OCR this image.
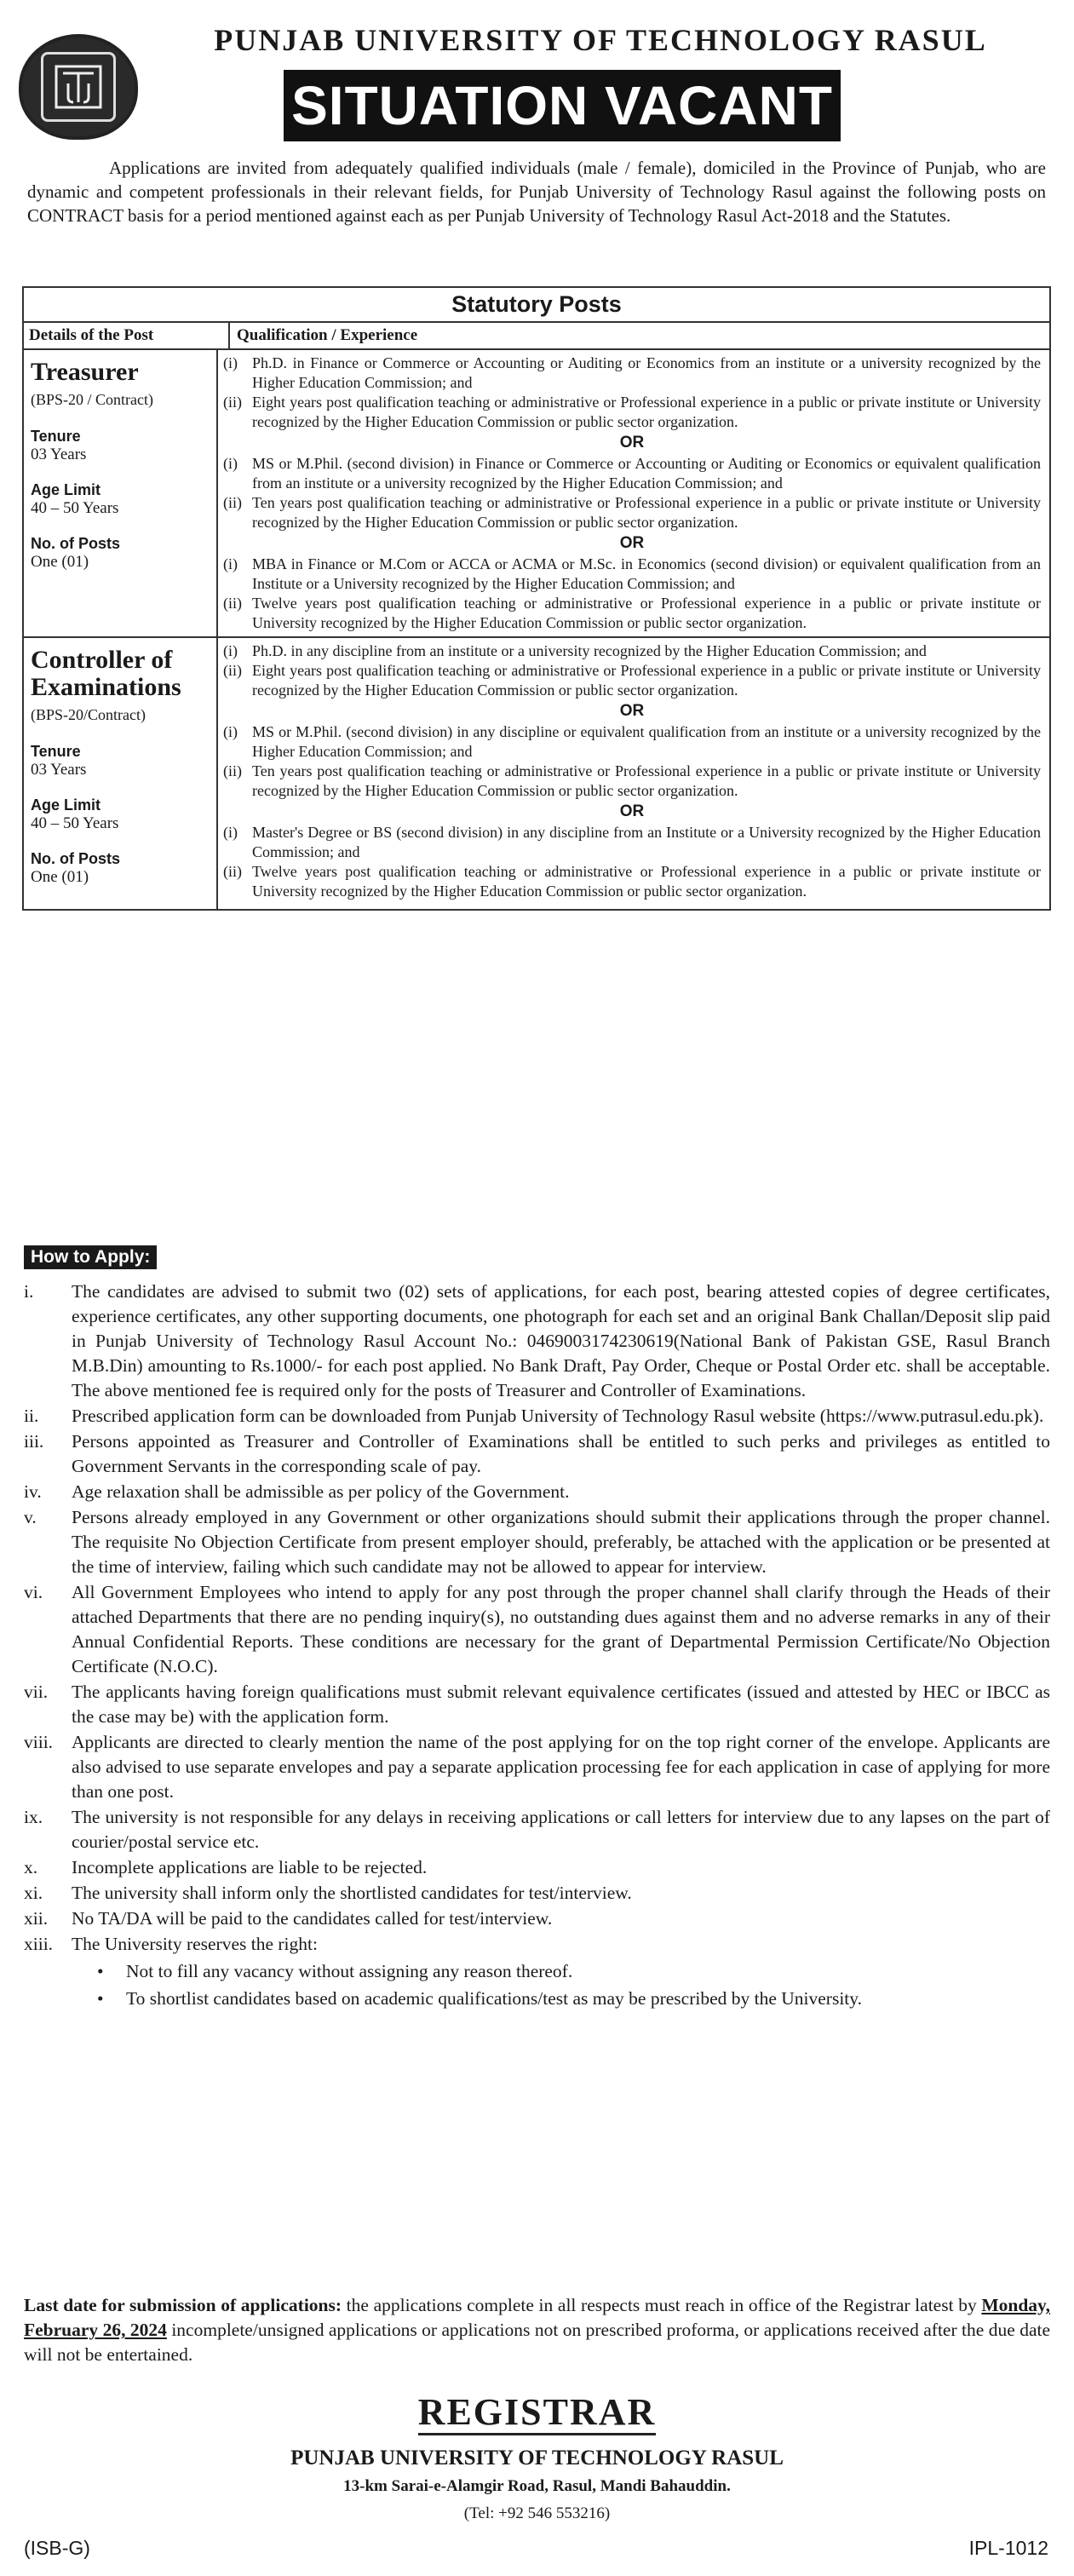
PUNJAB UNIVERSITY OF TECHNOLOGY RASUL
SITUATION VACANT

Applications are invited from adequately qualified individuals (male / female), domiciled in the Province of Punjab, who are dynamic and competent professionals in their relevant fields, for Punjab University of Technology Rasul against the following posts on CONTRACT basis for a period mentioned against each as per Punjab University of Technology Rasul Act-2018 and the Statutes.

Statutory Posts
Details of the Post	Qualification / Experience
Treasurer
(BPS-20 / Contract)
Tenure
03 Years
Age Limit
40 – 50 Years
No. of Posts
One (01)
(i) Ph.D. in Finance or Commerce or Accounting or Auditing or Economics from an institute or a university recognized by the Higher Education Commission; and
(ii) Eight years post qualification teaching or administrative or Professional experience in a public or private institute or University recognized by the Higher Education Commission or public sector organization.
OR
(i) MS or M.Phil. (second division) in Finance or Commerce or Accounting or Auditing or Economics or equivalent qualification from an institute or a university recognized by the Higher Education Commission; and
(ii) Ten years post qualification teaching or administrative or Professional experience in a public or private institute or University recognized by the Higher Education Commission or public sector organization.
OR
(i) MBA in Finance or M.Com or ACCA or ACMA or M.Sc. in Economics (second division) or equivalent qualification from an Institute or a University recognized by the Higher Education Commission; and
(ii) Twelve years post qualification teaching or administrative or Professional experience in a public or private institute or University recognized by the Higher Education Commission or public sector organization.
Controller of Examinations
(BPS-20/Contract)
Tenure
03 Years
Age Limit
40 – 50 Years
No. of Posts
One (01)
(i) Ph.D. in any discipline from an institute or a university recognized by the Higher Education Commission; and
(ii) Eight years post qualification teaching or administrative or Professional experience in a public or private institute or University recognized by the Higher Education Commission or public sector organization.
OR
(i) MS or M.Phil. (second division) in any discipline or equivalent qualification from an institute or a university recognized by the Higher Education Commission; and
(ii) Ten years post qualification teaching or administrative or Professional experience in a public or private institute or University recognized by the Higher Education Commission or public sector organization.
OR
(i) Master's Degree or BS (second division) in any discipline from an Institute or a University recognized by the Higher Education Commission; and
(ii) Twelve years post qualification teaching or administrative or Professional experience in a public or private institute or University recognized by the Higher Education Commission or public sector organization.
How to Apply:
i.	The candidates are advised to submit two (02) sets of applications, for each post, bearing attested copies of degree certificates, experience certificates, any other supporting documents, one photograph for each set and an original Bank Challan/Deposit slip paid in Punjab University of Technology Rasul Account No.: 0469003174230619(National Bank of Pakistan GSE, Rasul Branch M.B.Din) amounting to Rs.1000/- for each post applied. No Bank Draft, Pay Order, Cheque or Postal Order etc. shall be acceptable. The above mentioned fee is required only for the posts of Treasurer and Controller of Examinations.
ii.	Prescribed application form can be downloaded from Punjab University of Technology Rasul website (https://www.putrasul.edu.pk).
iii.	Persons appointed as Treasurer and Controller of Examinations shall be entitled to such perks and privileges as entitled to Government Servants in the corresponding scale of pay.
iv.	Age relaxation shall be admissible as per policy of the Government.
v.	Persons already employed in any Government or other organizations should submit their applications through the proper channel. The requisite No Objection Certificate from present employer should, preferably, be attached with the application or be presented at the time of interview, failing which such candidate may not be allowed to appear for interview.
vi.	All Government Employees who intend to apply for any post through the proper channel shall clarify through the Heads of their attached Departments that there are no pending inquiry(s), no outstanding dues against them and no adverse remarks in any of their Annual Confidential Reports. These conditions are necessary for the grant of Departmental Permission Certificate/No Objection Certificate (N.O.C).
vii.	The applicants having foreign qualifications must submit relevant equivalence certificates (issued and attested by HEC or IBCC as the case may be) with the application form.
viii.	Applicants are directed to clearly mention the name of the post applying for on the top right corner of the envelope. Applicants are also advised to use separate envelopes and pay a separate application processing fee for each application in case of applying for more than one post.
ix.	The university is not responsible for any delays in receiving applications or call letters for interview due to any lapses on the part of courier/postal service etc.
x.	Incomplete applications are liable to be rejected.
xi.	The university shall inform only the shortlisted candidates for test/interview.
xii.	No TA/DA will be paid to the candidates called for test/interview.
xiii.	The University reserves the right:
•	Not to fill any vacancy without assigning any reason thereof.
•	To shortlist candidates based on academic qualifications/test as may be prescribed by the University.

Last date for submission of applications: the applications complete in all respects must reach in office of the Registrar latest by Monday, February 26, 2024 incomplete/unsigned applications or applications not on prescribed proforma, or applications received after the due date will not be entertained.

REGISTRAR
PUNJAB UNIVERSITY OF TECHNOLOGY RASUL
13-km Sarai-e-Alamgir Road, Rasul, Mandi Bahauddin.
(Tel: +92 546 553216)
(ISB-G)	IPL-1012
